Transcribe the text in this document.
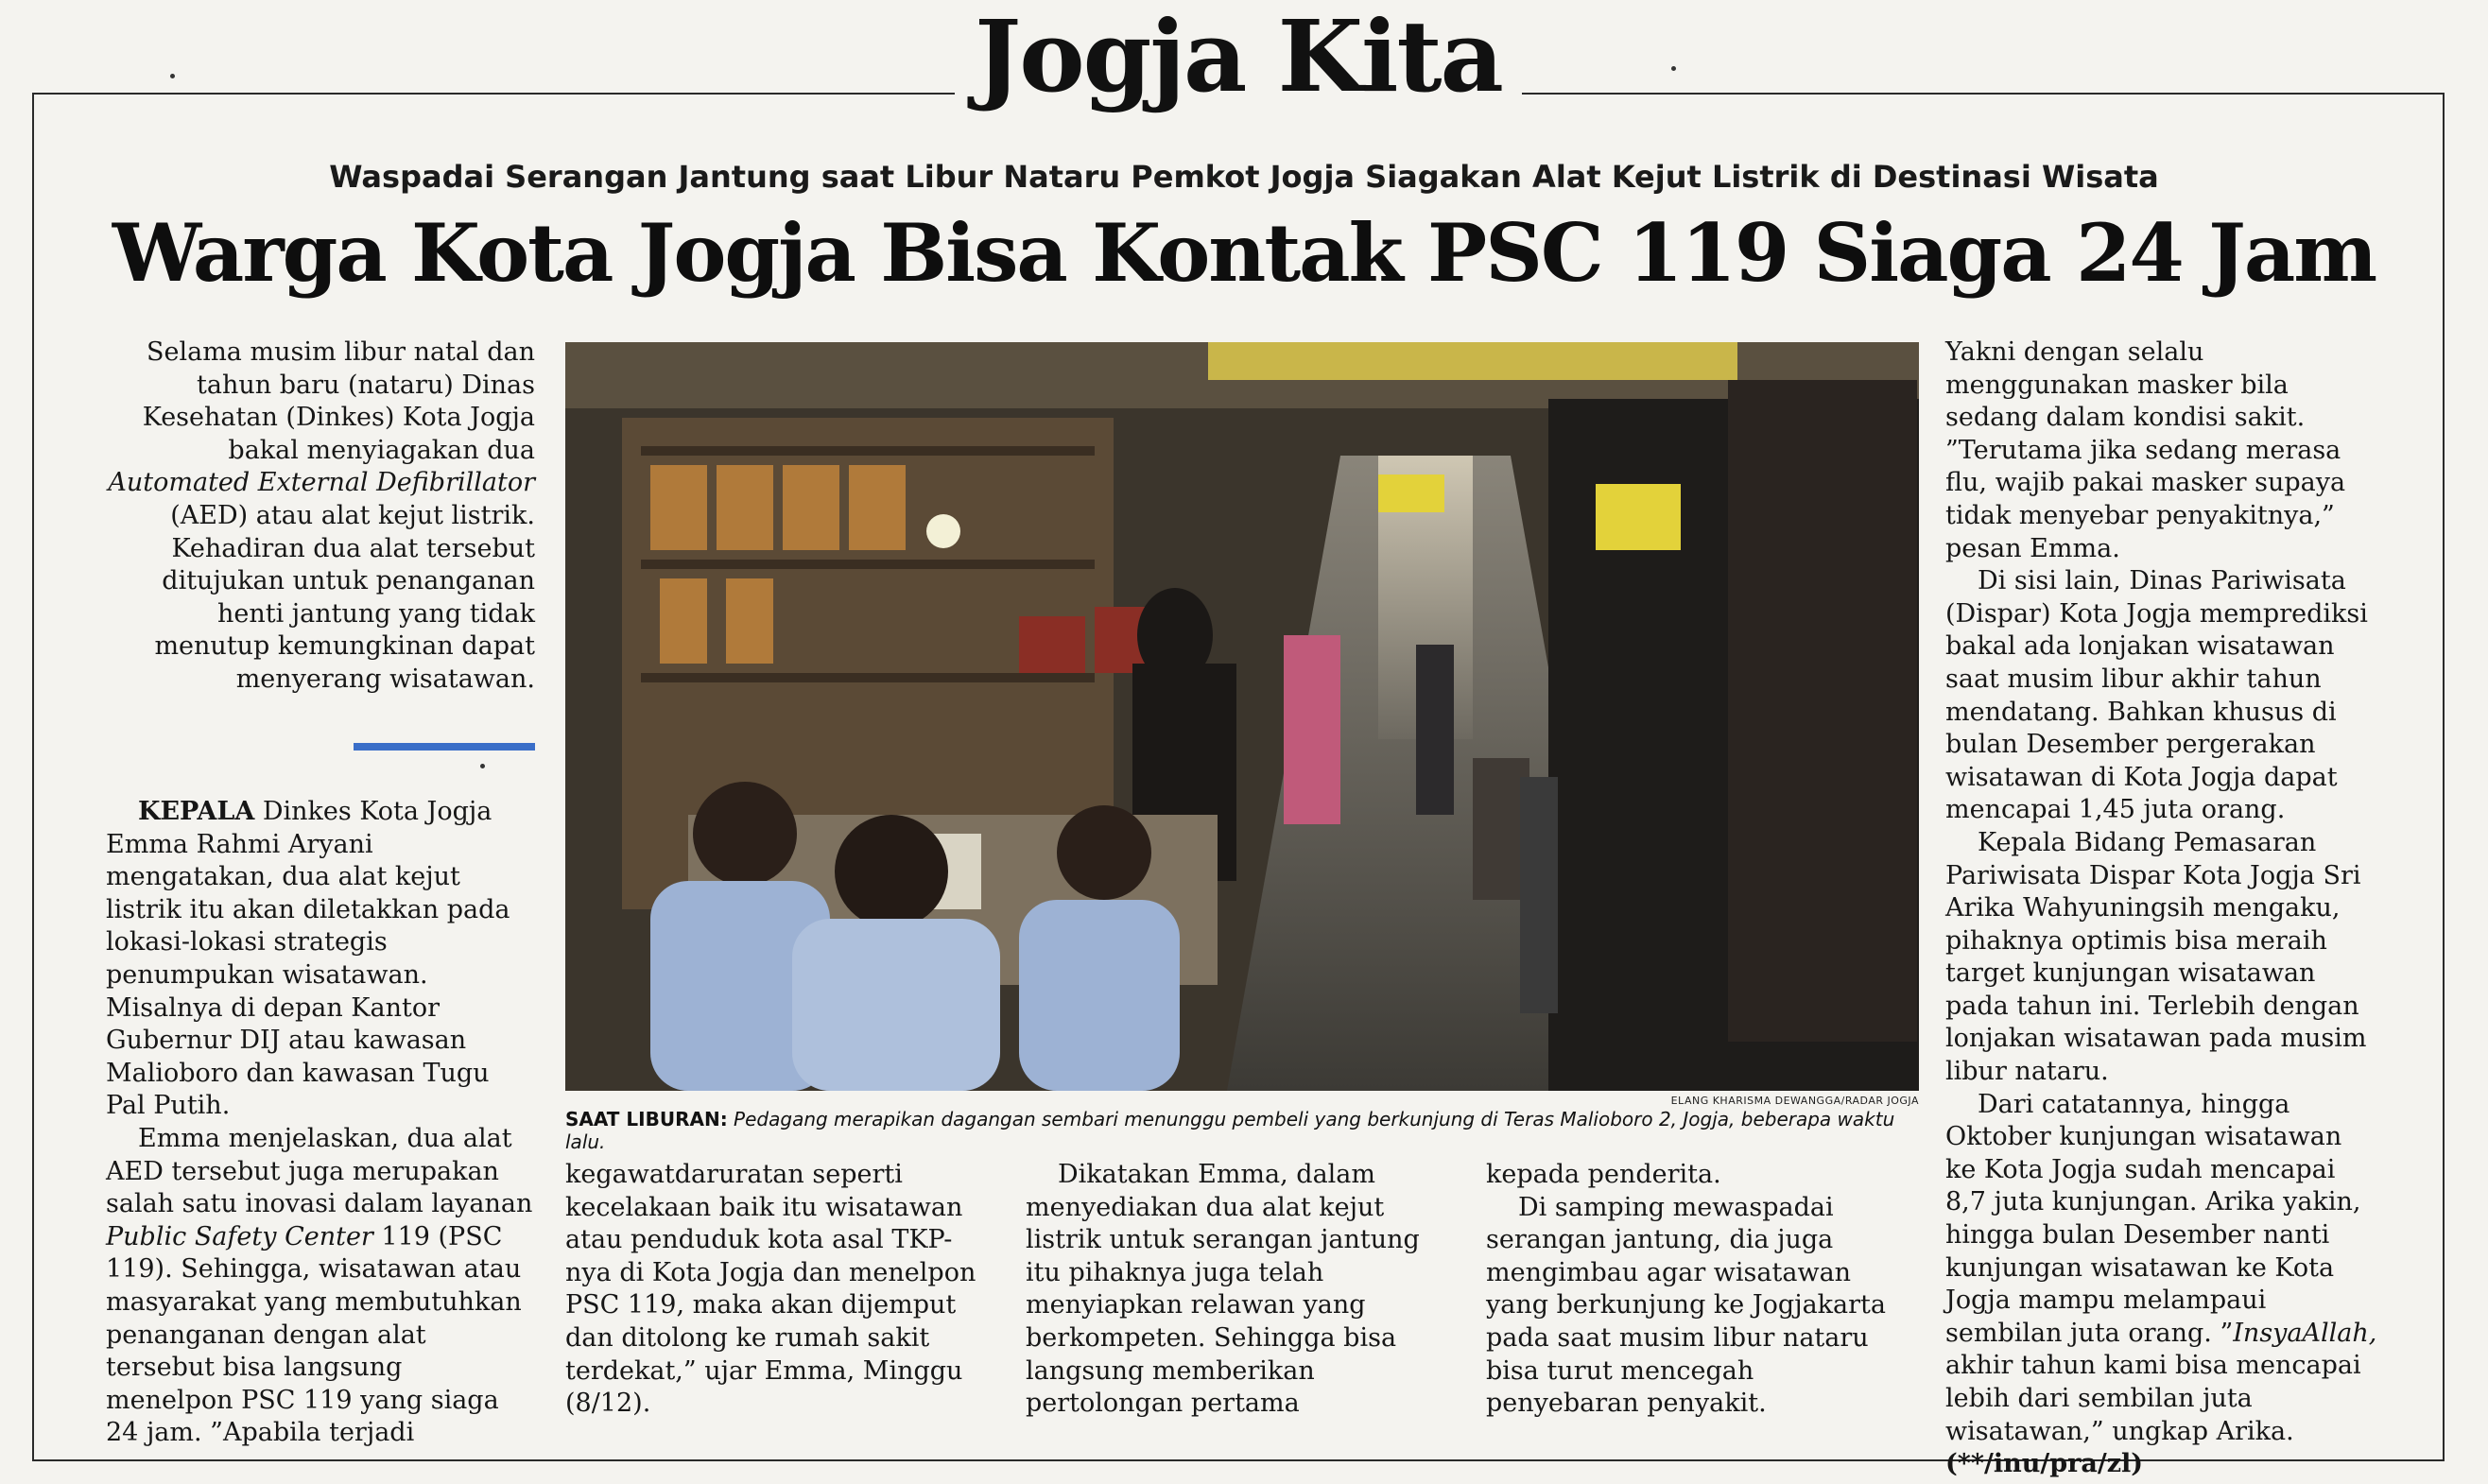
Jogja Kita
Waspadai Serangan Jantung saat Libur Nataru Pemkot Jogja Siagakan Alat Kejut Listrik di Destinasi Wisata
Warga Kota Jogja Bisa Kontak PSC 119 Siaga 24 Jam

Selama musim libur natal dan tahun baru (nataru) Dinas Kesehatan (Dinkes) Kota Jogja bakal menyiagakan dua Automated External Defibrillator (AED) atau alat kejut listrik.

Kehadiran dua alat tersebut ditujukan untuk penanganan henti jantung yang tidak menutup kemungkinan dapat menyerang wisatawan.

KEPALA Dinkes Kota Jogja Emma Rahmi Aryani mengatakan, dua alat kejut listrik itu akan diletakkan pada lokasi-lokasi strategis penumpukan wisatawan. Misalnya di depan Kantor Gubernur DIJ atau kawasan Malioboro dan kawasan Tugu Pal Putih.

Emma menjelaskan, dua alat AED tersebut juga merupakan salah satu inovasi dalam layanan Public Safety Center 119 (PSC 119). Sehingga, wisatawan atau masyarakat yang membutuhkan penanganan dengan alat tersebut bisa langsung menelpon PSC 119 yang siaga 24 jam. ”Apabila terjadi

ELANG KHARISMA DEWANGGA/RADAR JOGJA
SAAT LIBURAN: Pedagang merapikan dagangan sembari menunggu pembeli yang berkunjung di Teras Malioboro 2, Jogja, beberapa waktu lalu.

kegawatdaruratan seperti kecelakaan baik itu wisatawan atau penduduk kota asal TKP-nya di Kota Jogja dan menelpon PSC 119, maka akan dijemput dan ditolong ke rumah sakit terdekat,” ujar Emma, Minggu (8/12).

Dikatakan Emma, dalam menyediakan dua alat kejut listrik untuk serangan jantung itu pihaknya juga telah menyiapkan relawan yang berkompeten. Sehingga bisa langsung memberikan pertolongan pertama

kepada penderita.

Di samping mewaspadai serangan jantung, dia juga mengimbau agar wisatawan yang berkunjung ke Jogjakarta pada saat musim libur nataru bisa turut mencegah penyebaran penyakit.

Yakni dengan selalu menggunakan masker bila sedang dalam kondisi sakit. ”Terutama jika sedang merasa flu, wajib pakai masker supaya tidak menyebar penyakitnya,” pesan Emma.

Di sisi lain, Dinas Pariwisata (Dispar) Kota Jogja memprediksi bakal ada lonjakan wisatawan saat musim libur akhir tahun mendatang. Bahkan khusus di bulan Desember pergerakan wisatawan di Kota Jogja dapat mencapai 1,45 juta orang.

Kepala Bidang Pemasaran Pariwisata Dispar Kota Jogja Sri Arika Wahyuningsih mengaku, pihaknya optimis bisa meraih target kunjungan wisatawan pada tahun ini. Terlebih dengan lonjakan wisatawan pada musim libur nataru.

Dari catatannya, hingga Oktober kunjungan wisatawan ke Kota Jogja sudah mencapai 8,7 juta kunjungan. Arika yakin, hingga bulan Desember nanti kunjungan wisatawan ke Kota Jogja mampu melampaui sembilan juta orang. ”InsyaAllah, akhir tahun kami bisa mencapai lebih dari sembilan juta wisatawan,” ungkap Arika. (**/inu/pra/zl)
